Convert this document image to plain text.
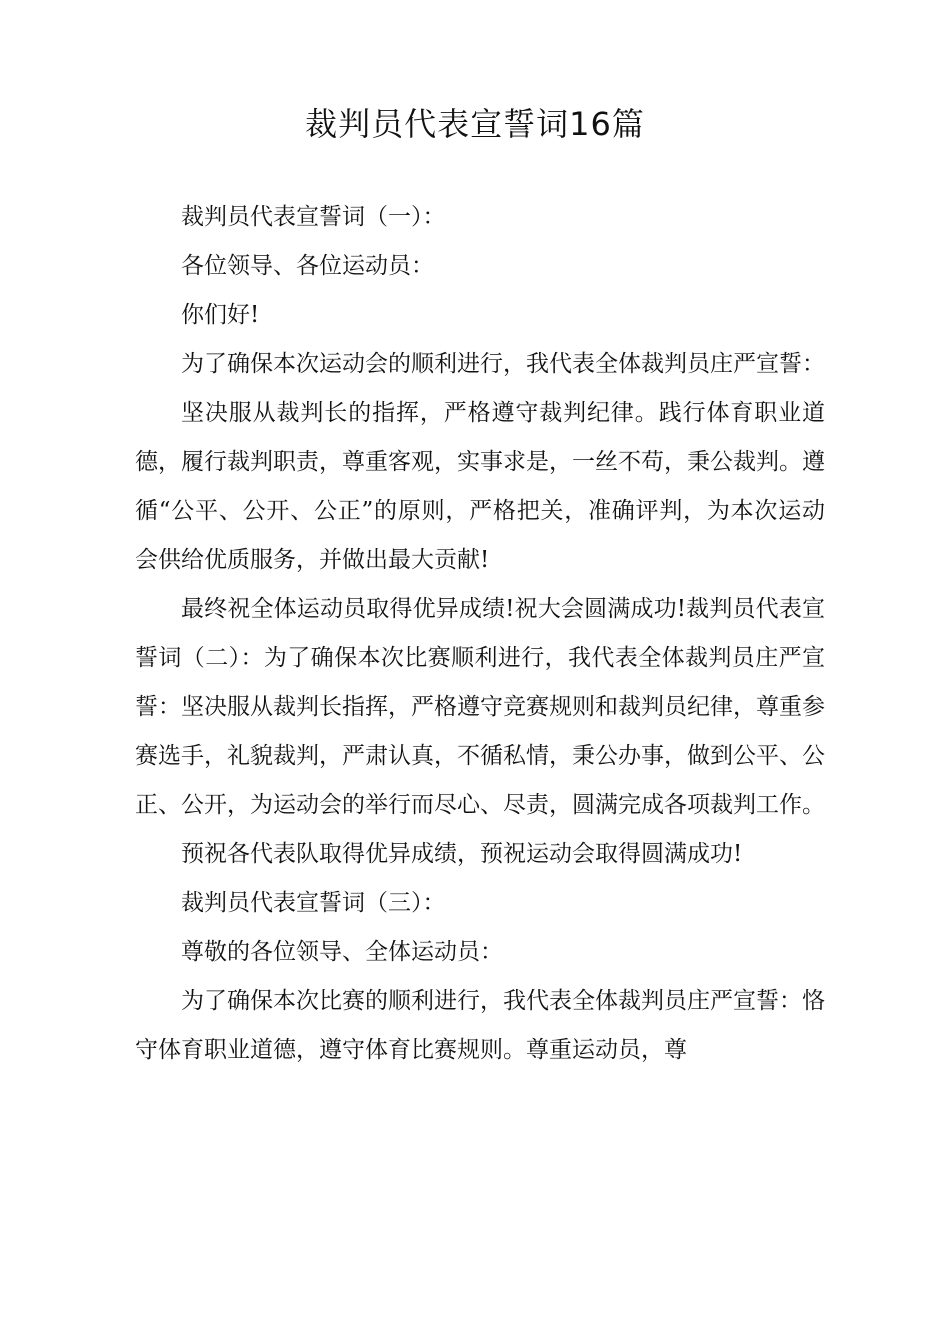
裁判员代表宣誓词16篇

裁判员代表宣誓词（一）：

各位领导、各位运动员：

你们好!

为了确保本次运动会的顺利进行，我代表全体裁判员庄严宣誓：

坚决服从裁判长的指挥，严格遵守裁判纪律。践行体育职业道德，履行裁判职责，尊重客观，实事求是，一丝不苟，秉公裁判。遵循“公平、公开、公正”的原则，严格把关，准确评判，为本次运动会供给优质服务，并做出最大贡献!

最终祝全体运动员取得优异成绩!祝大会圆满成功!裁判员代表宣誓词（二）：为了确保本次比赛顺利进行，我代表全体裁判员庄严宣誓：坚决服从裁判长指挥，严格遵守竞赛规则和裁判员纪律，尊重参赛选手，礼貌裁判，严肃认真，不循私情，秉公办事，做到公平、公正、公开，为运动会的举行而尽心、尽责，圆满完成各项裁判工作。

预祝各代表队取得优异成绩，预祝运动会取得圆满成功!

裁判员代表宣誓词（三）：

尊敬的各位领导、全体运动员：

为了确保本次比赛的顺利进行，我代表全体裁判员庄严宣誓：恪守体育职业道德，遵守体育比赛规则。尊重运动员，尊
